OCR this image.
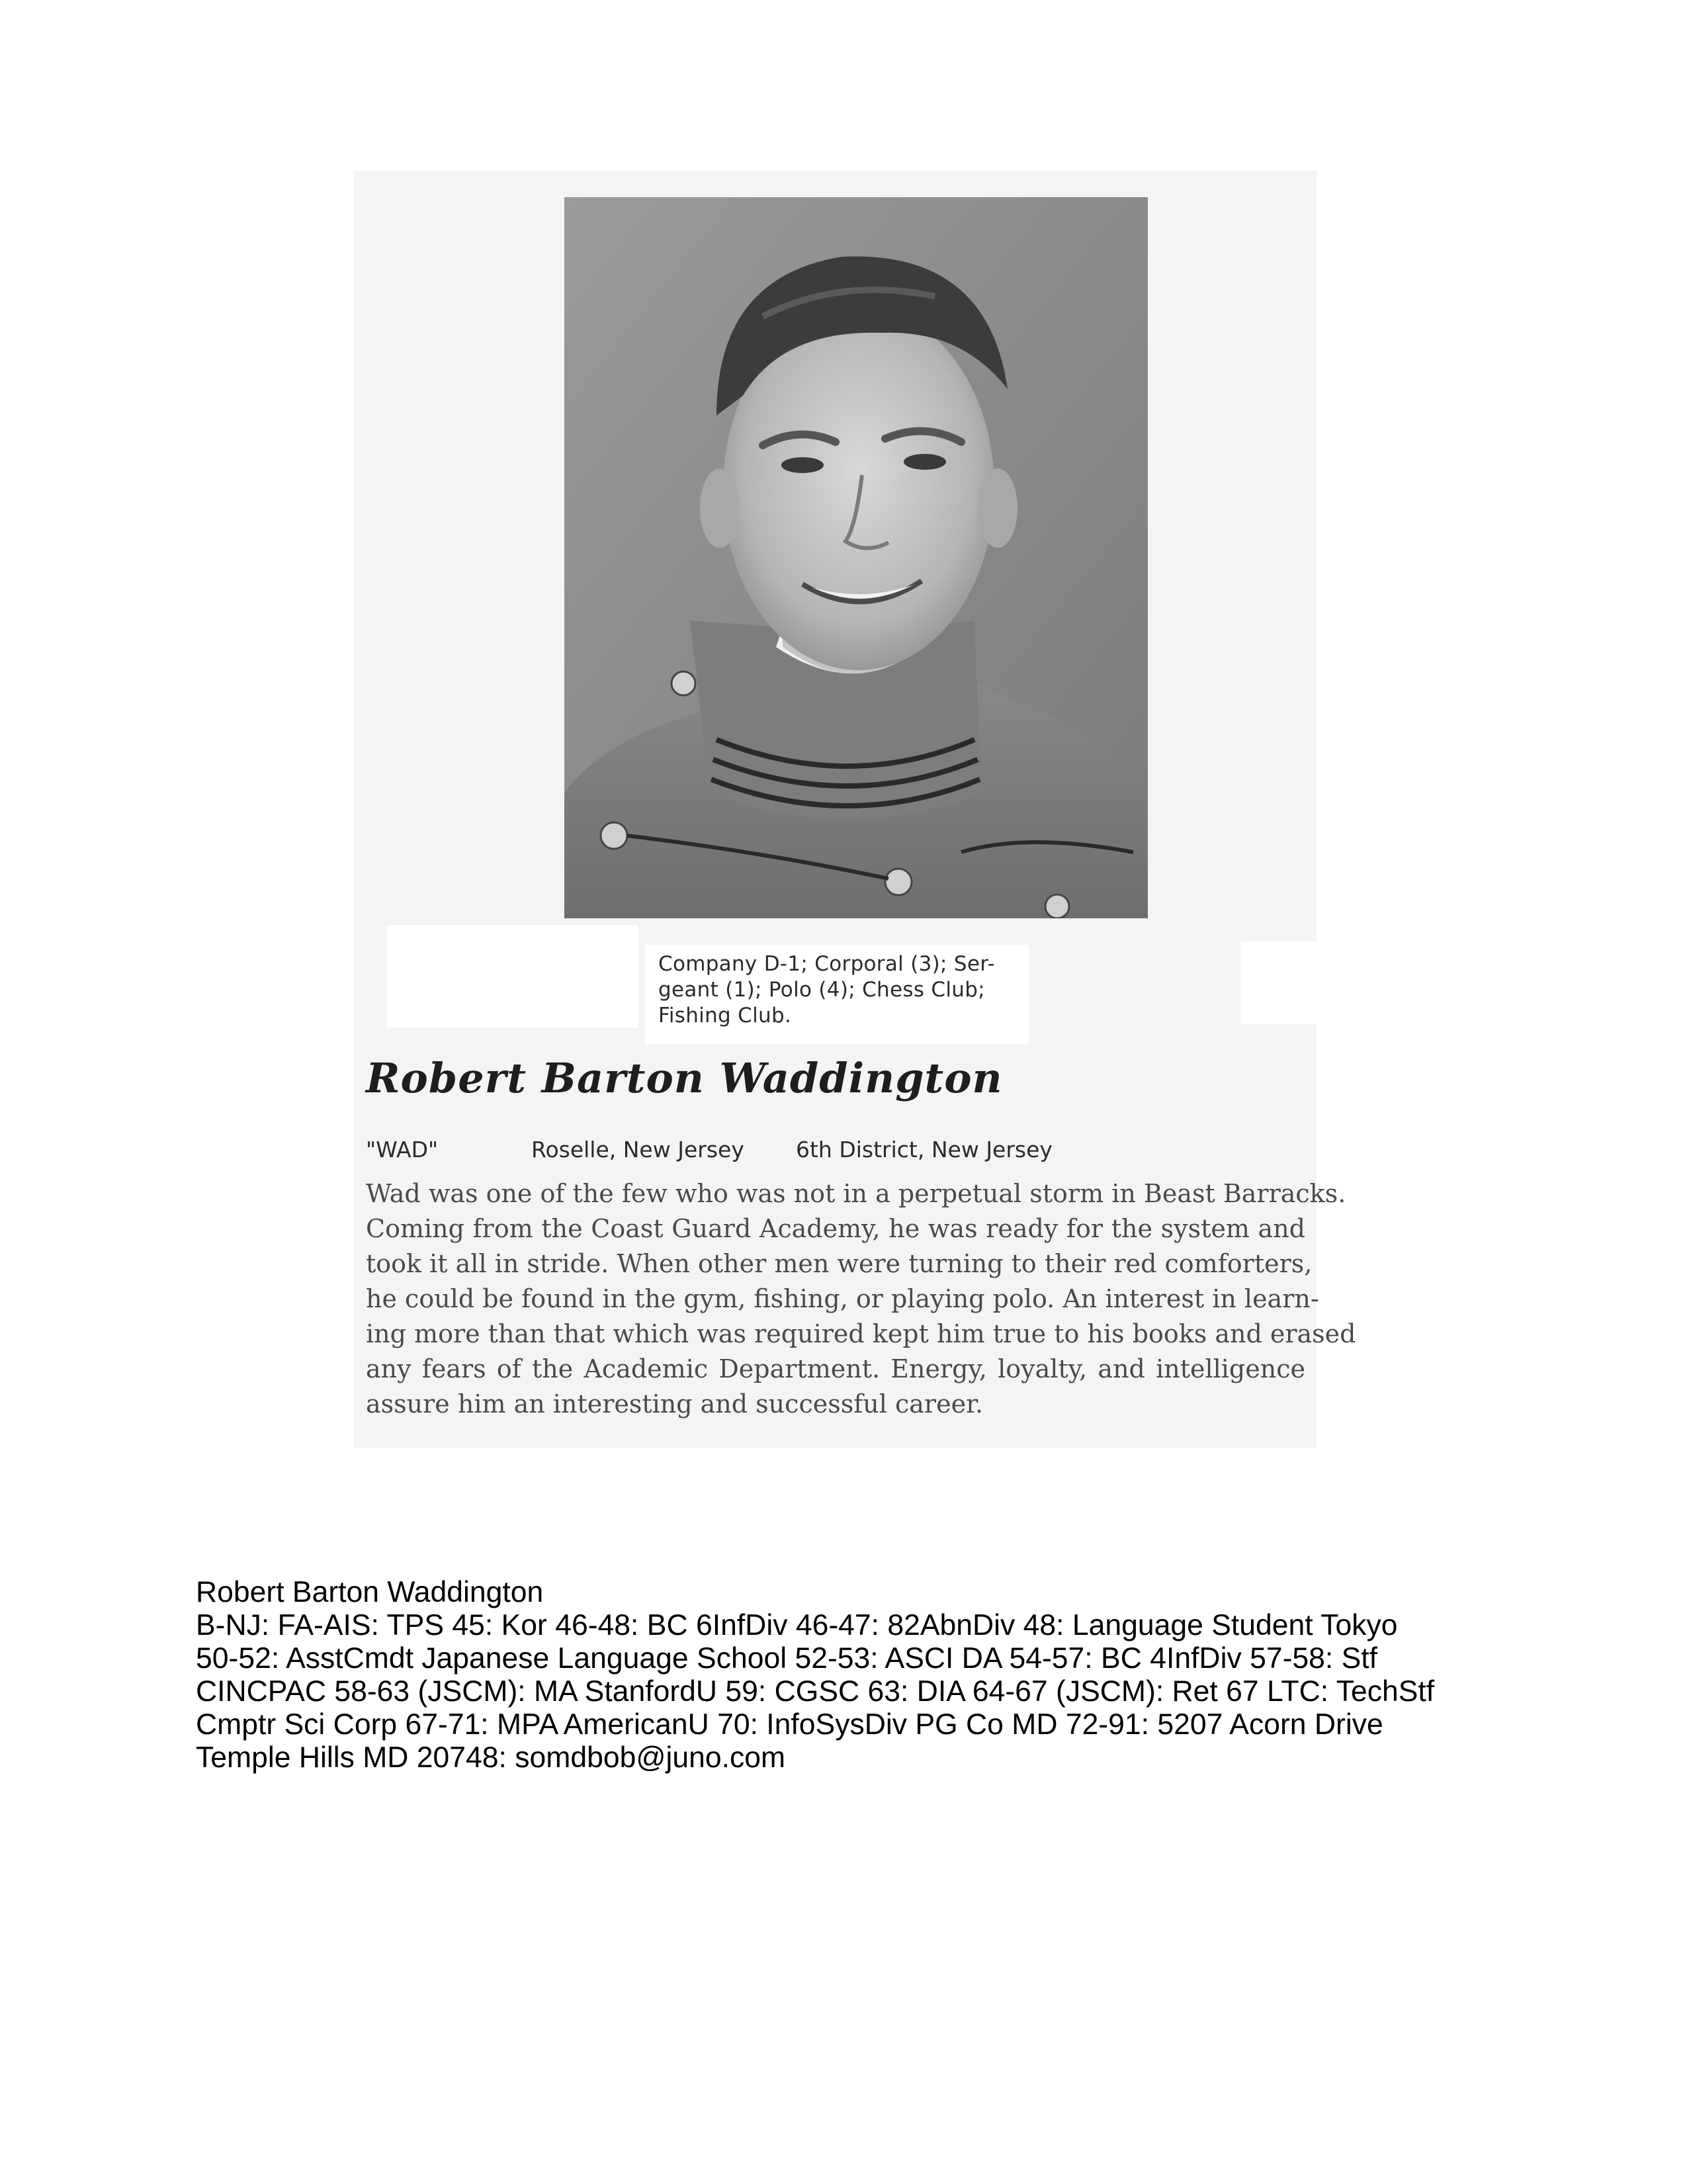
Company D-1; Corporal (3); Ser-
geant (1); Polo (4); Chess Club;
Fishing Club.
Robert Barton Waddington
"WAD"	Roselle, New Jersey 6th District, New Jersey
Wad was one of the few who was not in a perpetual storm in Beast Barracks.
Coming from the Coast Guard Academy, he was ready for the system and
took it all in stride. When other men were turning to their red comforters,
he could be found in the gym, fishing, or playing polo. An interest in learn-
ing more than that which was required kept him true to his books and erased
any fears of the Academic Department. Energy, loyalty, and intelligence
assure him an interesting and successful career.
Robert Barton Waddington
B-NJ: FA-AIS: TPS 45: Kor 46-48: BC 6InfDiv 46-47: 82AbnDiv 48: Language Student Tokyo
50-52: AsstCmdt Japanese Language School 52-53: ASCI DA 54-57: BC 4InfDiv 57-58: Stf
CINCPAC 58-63 (JSCM): MA StanfordU 59: CGSC 63: DIA 64-67 (JSCM): Ret 67 LTC: TechStf
Cmptr Sci Corp 67-71: MPA AmericanU 70: InfoSysDiv PG Co MD 72-91: 5207 Acorn Drive
Temple Hills MD 20748: somdbob@juno.com
